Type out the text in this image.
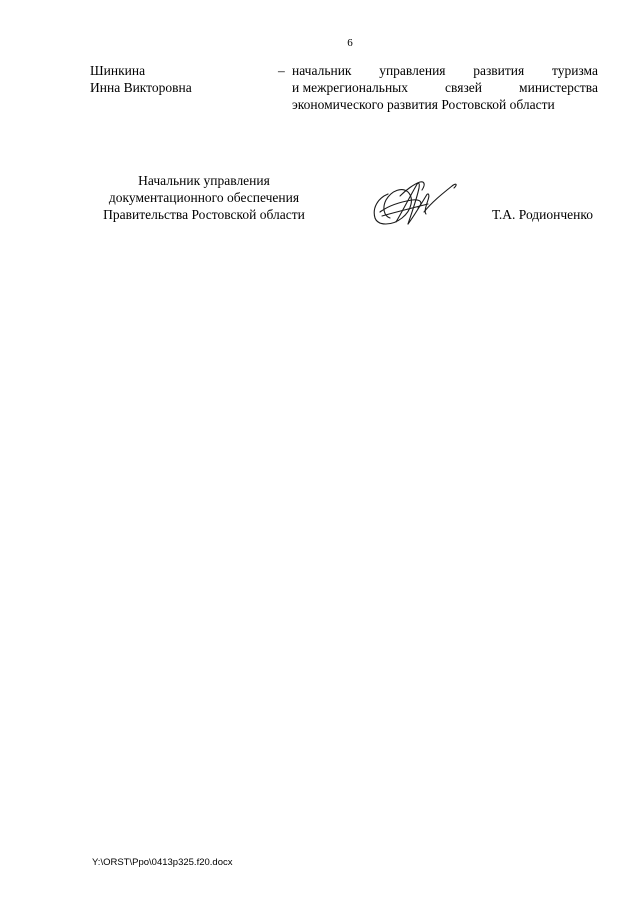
6
Шинкина
Инна Викторовна
– начальник управления развития туризма
и межрегиональных	связей	министерства
экономического развития Ростовской области
Начальник управления
документационного обеспечения
Правительства Ростовской области	Т.А. Родионченко
Y:\ORST\Ppo\0413p325.f20.docx
